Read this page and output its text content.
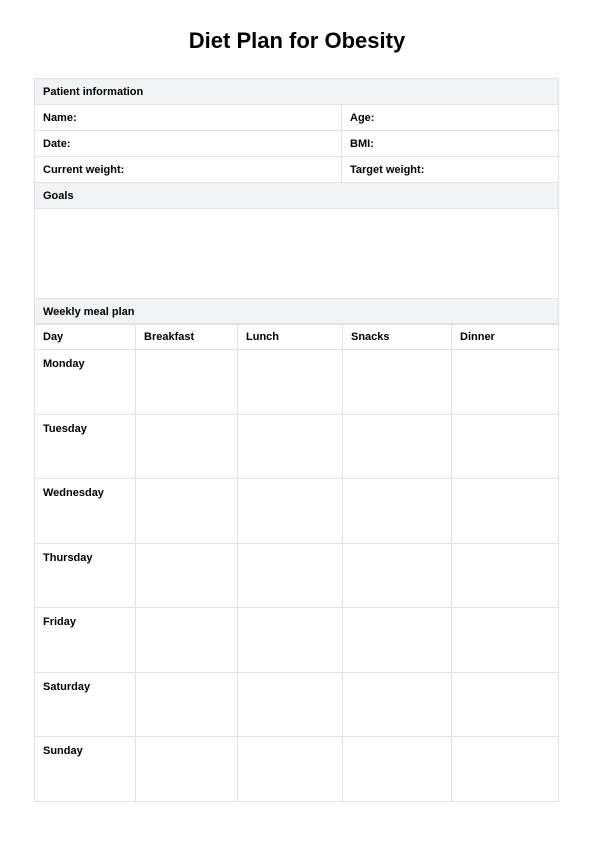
Diet Plan for Obesity
Patient information	
Name:	Age:
Date:	BMI:
Current weight:	Target weight:
Goals	

Weekly meal plan	
Day	Breakfast	Lunch	Snacks	Dinner
Monday				
Tuesday				
Wednesday				
Thursday				
Friday				
Saturday				
Sunday				
